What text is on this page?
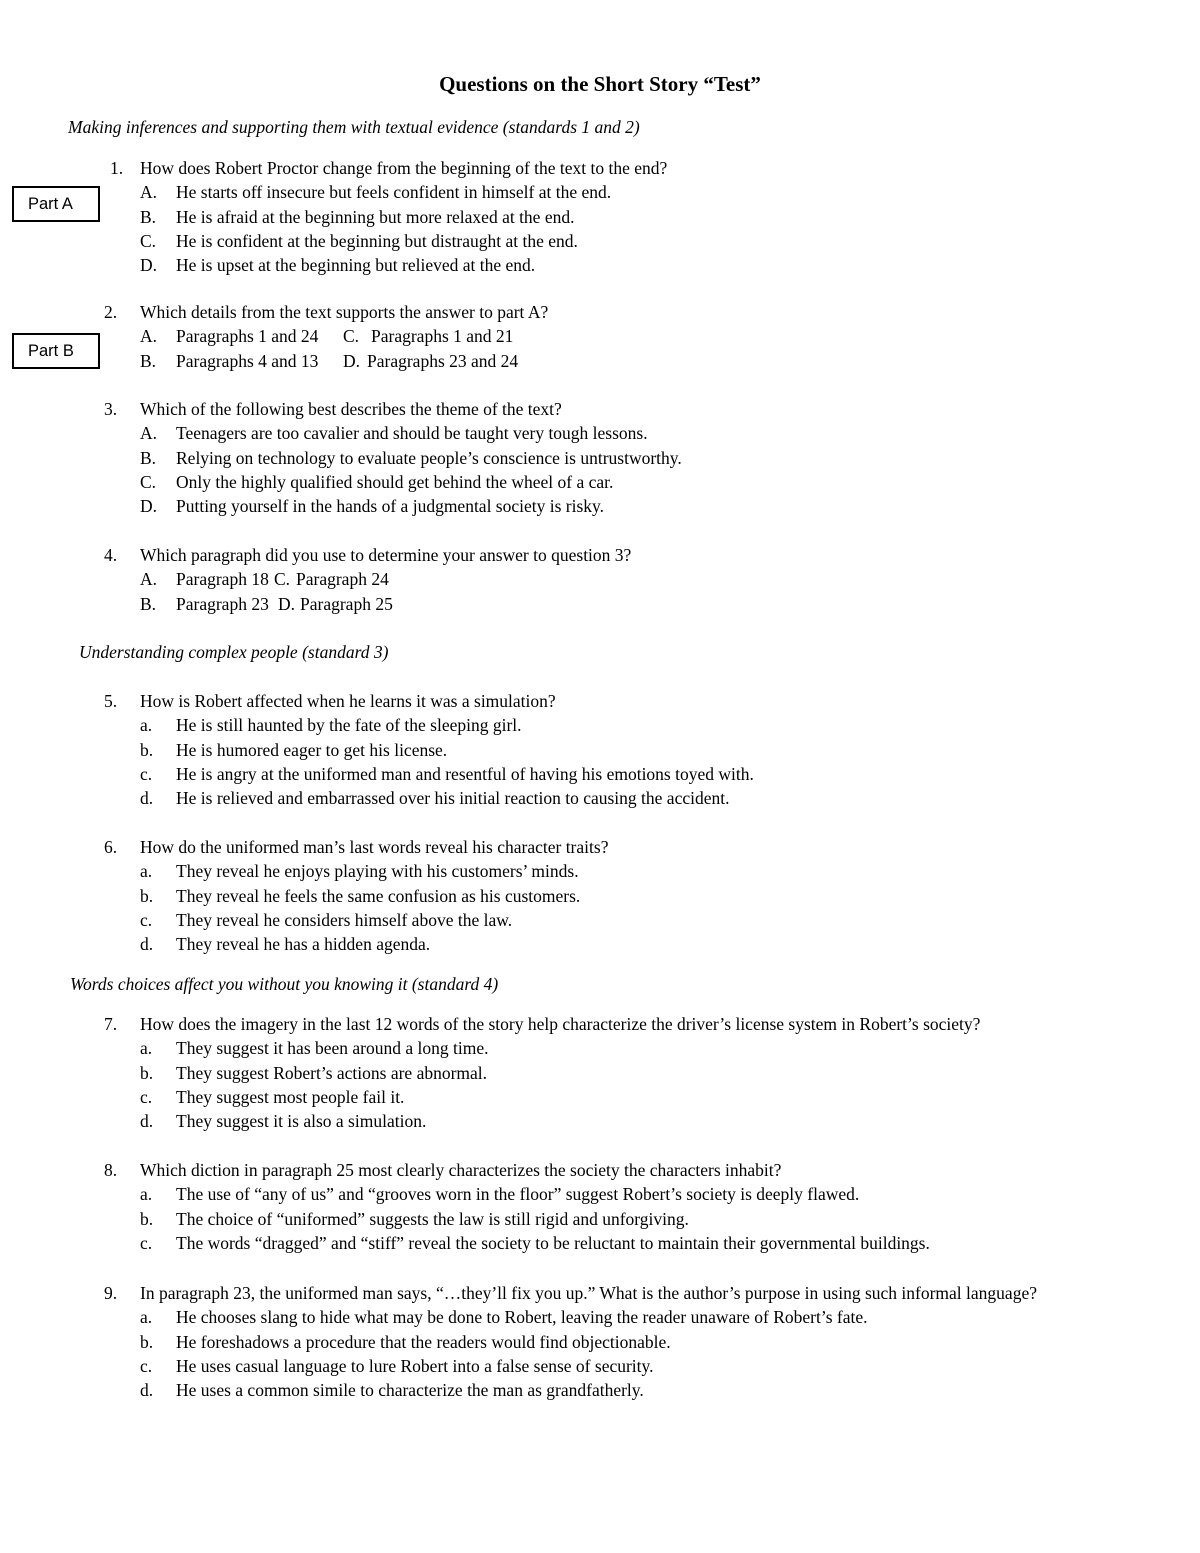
Questions on the Short Story “Test”
Making inferences and supporting them with textual evidence (standards 1 and 2)
Part A
Part B
1. How does Robert Proctor change from the beginning of the text to the end?
A.	He starts off insecure but feels confident in himself at the end.
B.	He is afraid at the beginning but more relaxed at the end.
C.	He is confident at the beginning but distraught at the end.
D.	He is upset at the beginning but relieved at the end.
2.	Which details from the text supports the answer to part A?
A.	Paragraphs 1 and 24 C. Paragraphs 1 and 21
B.	Paragraphs 4 and 13 D. Paragraphs 23 and 24
3.	Which of the following best describes the theme of the text?
A.	Teenagers are too cavalier and should be taught very tough lessons.
B.	Relying on technology to evaluate people’s conscience is untrustworthy.
C.	Only the highly qualified should get behind the wheel of a car.
D.	Putting yourself in the hands of a judgmental society is risky.
4.	Which paragraph did you use to determine your answer to question 3?
A.	Paragraph 18 C. Paragraph 24
B.	Paragraph 23 D. Paragraph 25
Understanding complex people (standard 3)
5.	How is Robert affected when he learns it was a simulation?
a.	He is still haunted by the fate of the sleeping girl.
b.	He is humored eager to get his license.
c.	He is angry at the uniformed man and resentful of having his emotions toyed with.
d.	He is relieved and embarrassed over his initial reaction to causing the accident.
6.	How do the uniformed man’s last words reveal his character traits?
a.	They reveal he enjoys playing with his customers’ minds.
b.	They reveal he feels the same confusion as his customers.
c.	They reveal he considers himself above the law.
d.	They reveal he has a hidden agenda.
Words choices affect you without you knowing it (standard 4)
7.	How does the imagery in the last 12 words of the story help characterize the driver’s license system in Robert’s society?
a.	They suggest it has been around a long time.
b.	They suggest Robert’s actions are abnormal.
c.	They suggest most people fail it.
d.	They suggest it is also a simulation.
8.	Which diction in paragraph 25 most clearly characterizes the society the characters inhabit?
a.	The use of “any of us” and “grooves worn in the floor” suggest Robert’s society is deeply flawed.
b.	The choice of “uniformed” suggests the law is still rigid and unforgiving.
c.	The words “dragged” and “stiff” reveal the society to be reluctant to maintain their governmental buildings.
9.	In paragraph 23, the uniformed man says, “…they’ll fix you up.” What is the author’s purpose in using such informal language?
a.	He chooses slang to hide what may be done to Robert, leaving the reader unaware of Robert’s fate.
b.	He foreshadows a procedure that the readers would find objectionable.
c.	He uses casual language to lure Robert into a false sense of security.
d.	He uses a common simile to characterize the man as grandfatherly.
